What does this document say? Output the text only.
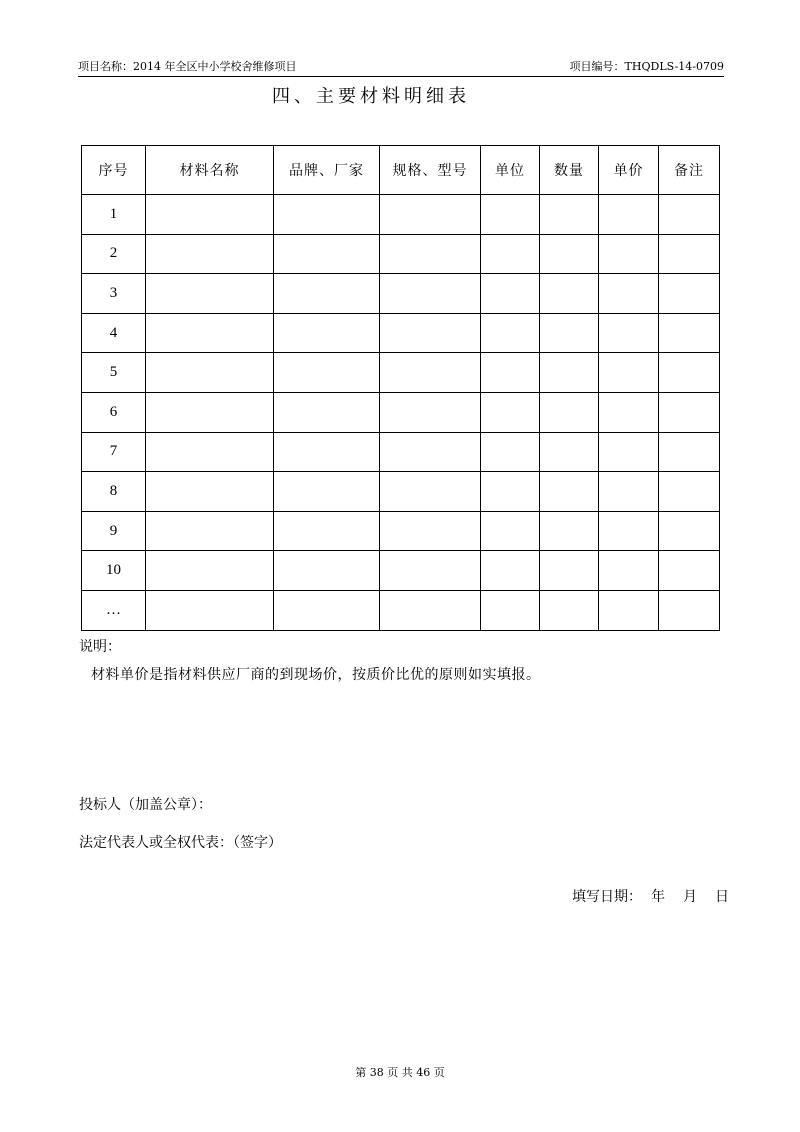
项目名称：2014 年全区中小学校舍维修项目	项目编号：THQDLS-14-0709
四、主要材料明细表
序号	材料名称	品牌、厂家	规格、型号	单位	数量	单价	备注
1							
2							
3							
4							
5							
6							
7							
8							
9							
10							
…							
说明：
材料单价是指材料供应厂商的到现场价，按质价比优的原则如实填报。
投标人（加盖公章）：
法定代表人或全权代表：（签字）
填写日期： 年 月 日
第 38 页 共 46 页
